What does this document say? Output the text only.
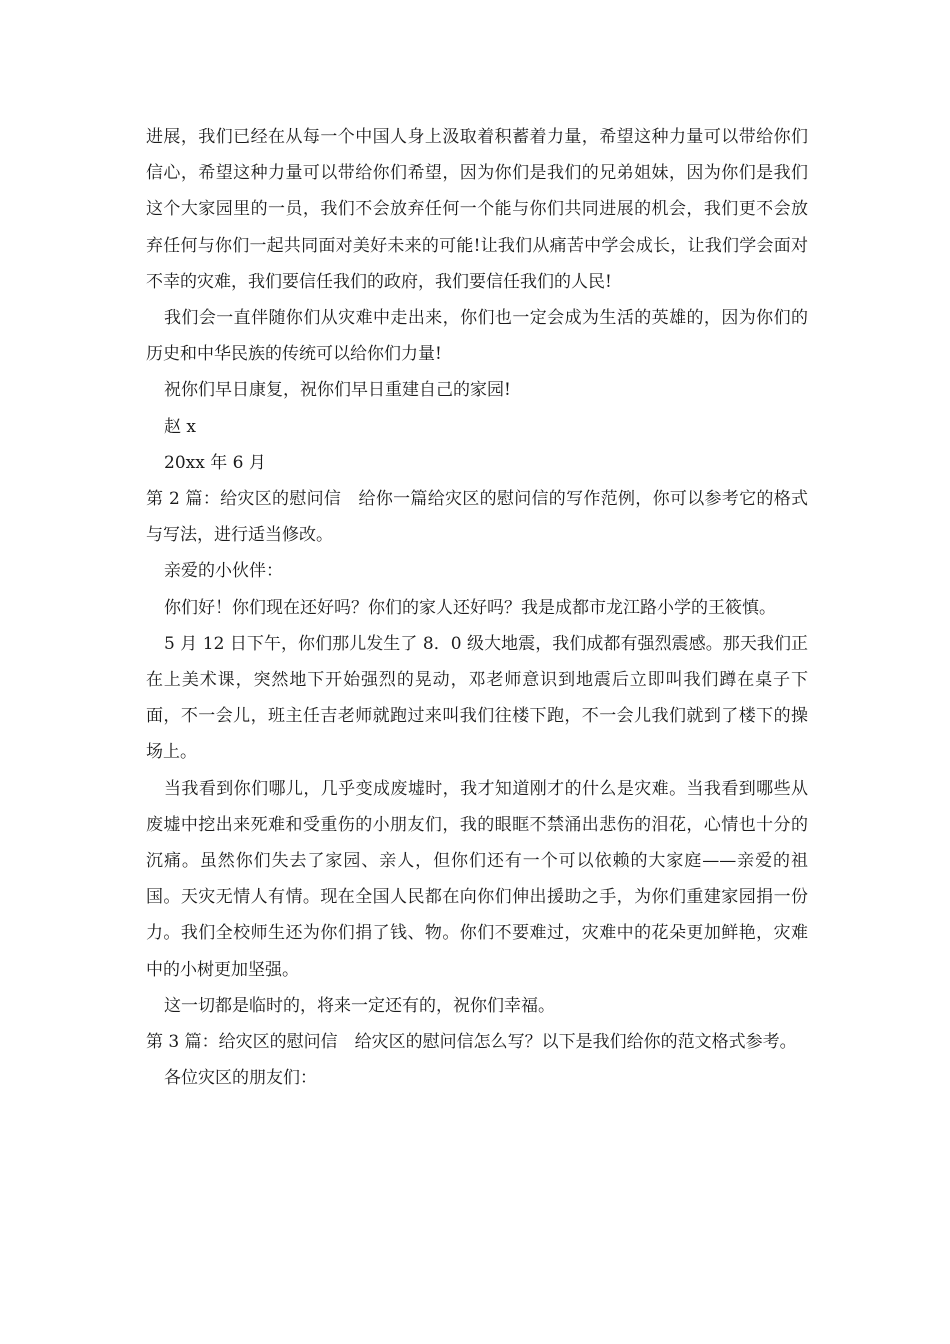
进展，我们已经在从每一个中国人身上汲取着积蓄着力量，希望这种力量可以带给你们信心，希望这种力量可以带给你们希望，因为你们是我们的兄弟姐妹，因为你们是我们这个大家园里的一员，我们不会放弃任何一个能与你们共同进展的机会，我们更不会放弃任何与你们一起共同面对美好未来的可能!让我们从痛苦中学会成长，让我们学会面对不幸的灾难，我们要信任我们的政府，我们要信任我们的人民!

我们会一直伴随你们从灾难中走出来，你们也一定会成为生活的英雄的，因为你们的历史和中华民族的传统可以给你们力量!

祝你们早日康复，祝你们早日重建自己的家园!

赵 x

20xx 年 6 月

第 2 篇：给灾区的慰问信　给你一篇给灾区的慰问信的写作范例，你可以参考它的格式与写法，进行适当修改。

亲爱的小伙伴：

你们好！你们现在还好吗？你们的家人还好吗？我是成都市龙江路小学的王筱慎。

5 月 12 日下午，你们那儿发生了 8．0 级大地震，我们成都有强烈震感。那天我们正在上美术课，突然地下开始强烈的晃动，邓老师意识到地震后立即叫我们蹲在桌子下面，不一会儿，班主任吉老师就跑过来叫我们往楼下跑，不一会儿我们就到了楼下的操场上。

当我看到你们哪儿，几乎变成废墟时，我才知道刚才的什么是灾难。当我看到哪些从废墟中挖出来死难和受重伤的小朋友们，我的眼眶不禁涌出悲伤的泪花，心情也十分的沉痛。虽然你们失去了家园、亲人，但你们还有一个可以依赖的大家庭——亲爱的祖国。天灾无情人有情。现在全国人民都在向你们伸出援助之手，为你们重建家园捐一份力。我们全校师生还为你们捐了钱、物。你们不要难过，灾难中的花朵更加鲜艳，灾难中的小树更加坚强。

这一切都是临时的，将来一定还有的，祝你们幸福。

第 3 篇：给灾区的慰问信　给灾区的慰问信怎么写？以下是我们给你的范文格式参考。

各位灾区的朋友们：
